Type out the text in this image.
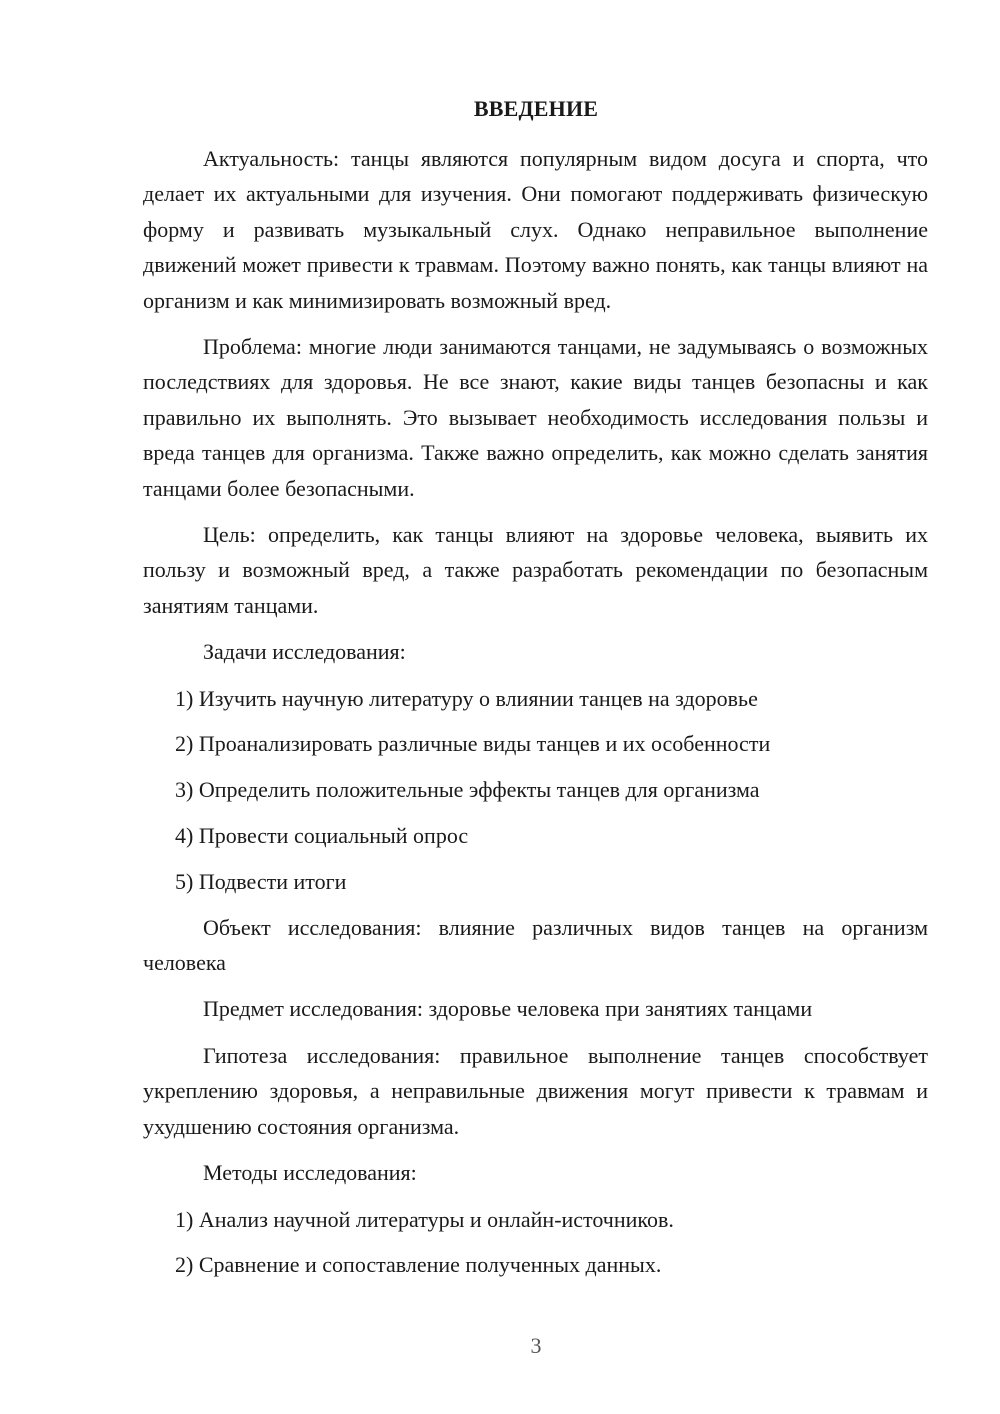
ВВЕДЕНИЕ

Актуальность: танцы являются популярным видом досуга и спорта, что делает их актуальными для изучения. Они помогают поддерживать физическую форму и развивать музыкальный слух. Однако неправильное выполнение движений может привести к травмам. Поэтому важно понять, как танцы влияют на организм и как минимизировать возможный вред.

Проблема: многие люди занимаются танцами, не задумываясь о возможных последствиях для здоровья. Не все знают, какие виды танцев безопасны и как правильно их выполнять. Это вызывает необходимость исследования пользы и вреда танцев для организма. Также важно определить, как можно сделать занятия танцами более безопасными.

Цель: определить, как танцы влияют на здоровье человека, выявить их пользу и возможный вред, а также разработать рекомендации по безопасным занятиям танцами.

Задачи исследования:

1) Изучить научную литературу о влиянии танцев на здоровье
2) Проанализировать различные виды танцев и их особенности
3) Определить положительные эффекты танцев для организма
4) Провести социальный опрос
5) Подвести итоги

Объект исследования: влияние различных видов танцев на организм человека

Предмет исследования: здоровье человека при занятиях танцами

Гипотеза исследования: правильное выполнение танцев способствует укреплению здоровья, а неправильные движения могут привести к травмам и ухудшению состояния организма.

Методы исследования:

1) Анализ научной литературы и онлайн-источников.
2) Сравнение и сопоставление полученных данных.
3
